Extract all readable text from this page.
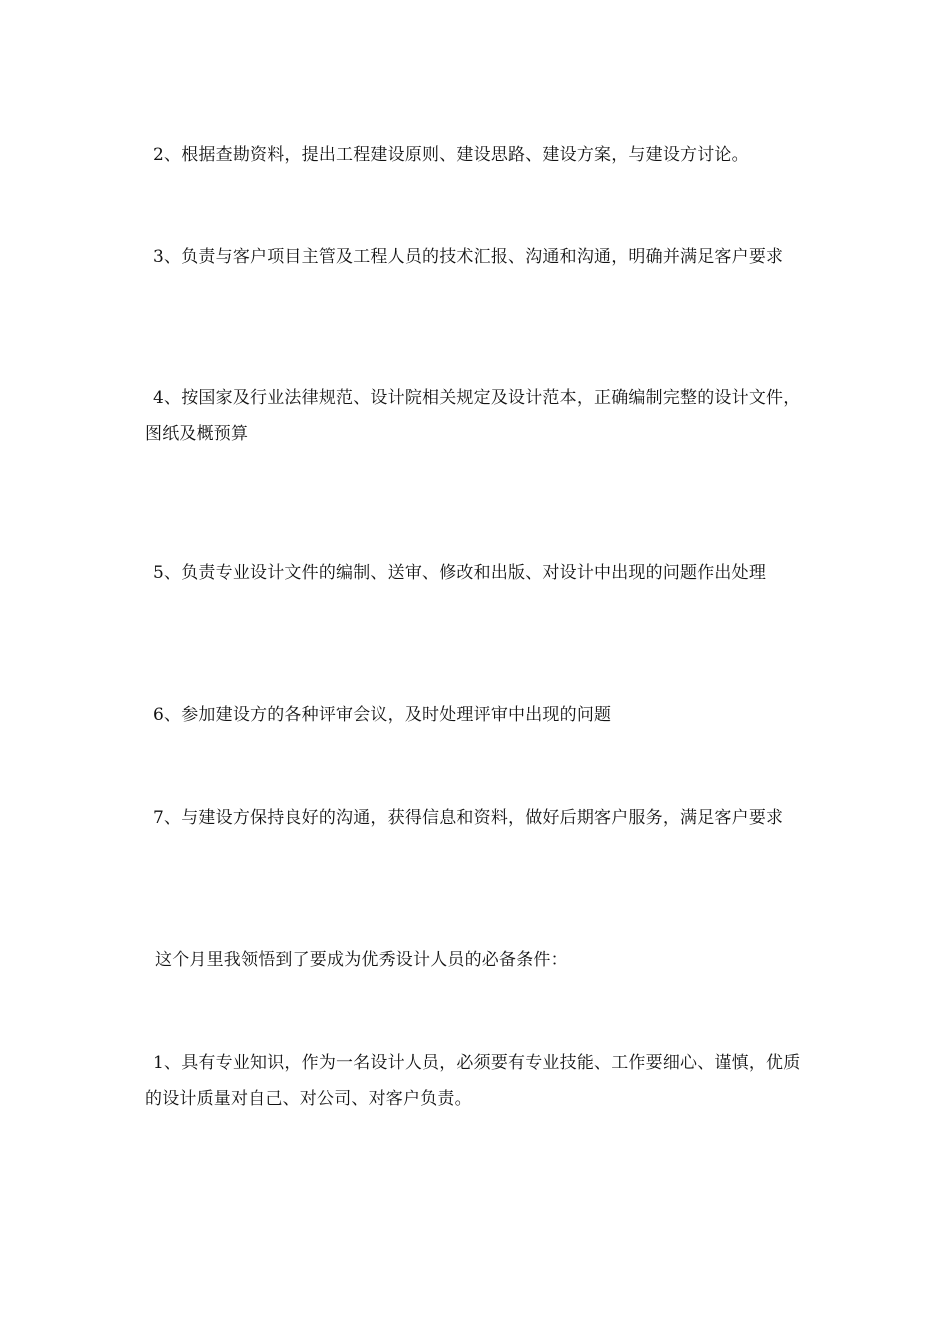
2、根据查勘资料，提出工程建设原则、建设思路、建设方案，与建设方讨论。

3、负责与客户项目主管及工程人员的技术汇报、沟通和沟通，明确并满足客户要求

4、按国家及行业法律规范、设计院相关规定及设计范本，正确编制完整的设计文件，图纸及概预算

5、负责专业设计文件的编制、送审、修改和出版、对设计中出现的问题作出处理

6、参加建设方的各种评审会议，及时处理评审中出现的问题

7、与建设方保持良好的沟通，获得信息和资料，做好后期客户服务，满足客户要求

这个月里我领悟到了要成为优秀设计人员的必备条件：

1、具有专业知识，作为一名设计人员，必须要有专业技能、工作要细心、谨慎，优质的设计质量对自己、对公司、对客户负责。
